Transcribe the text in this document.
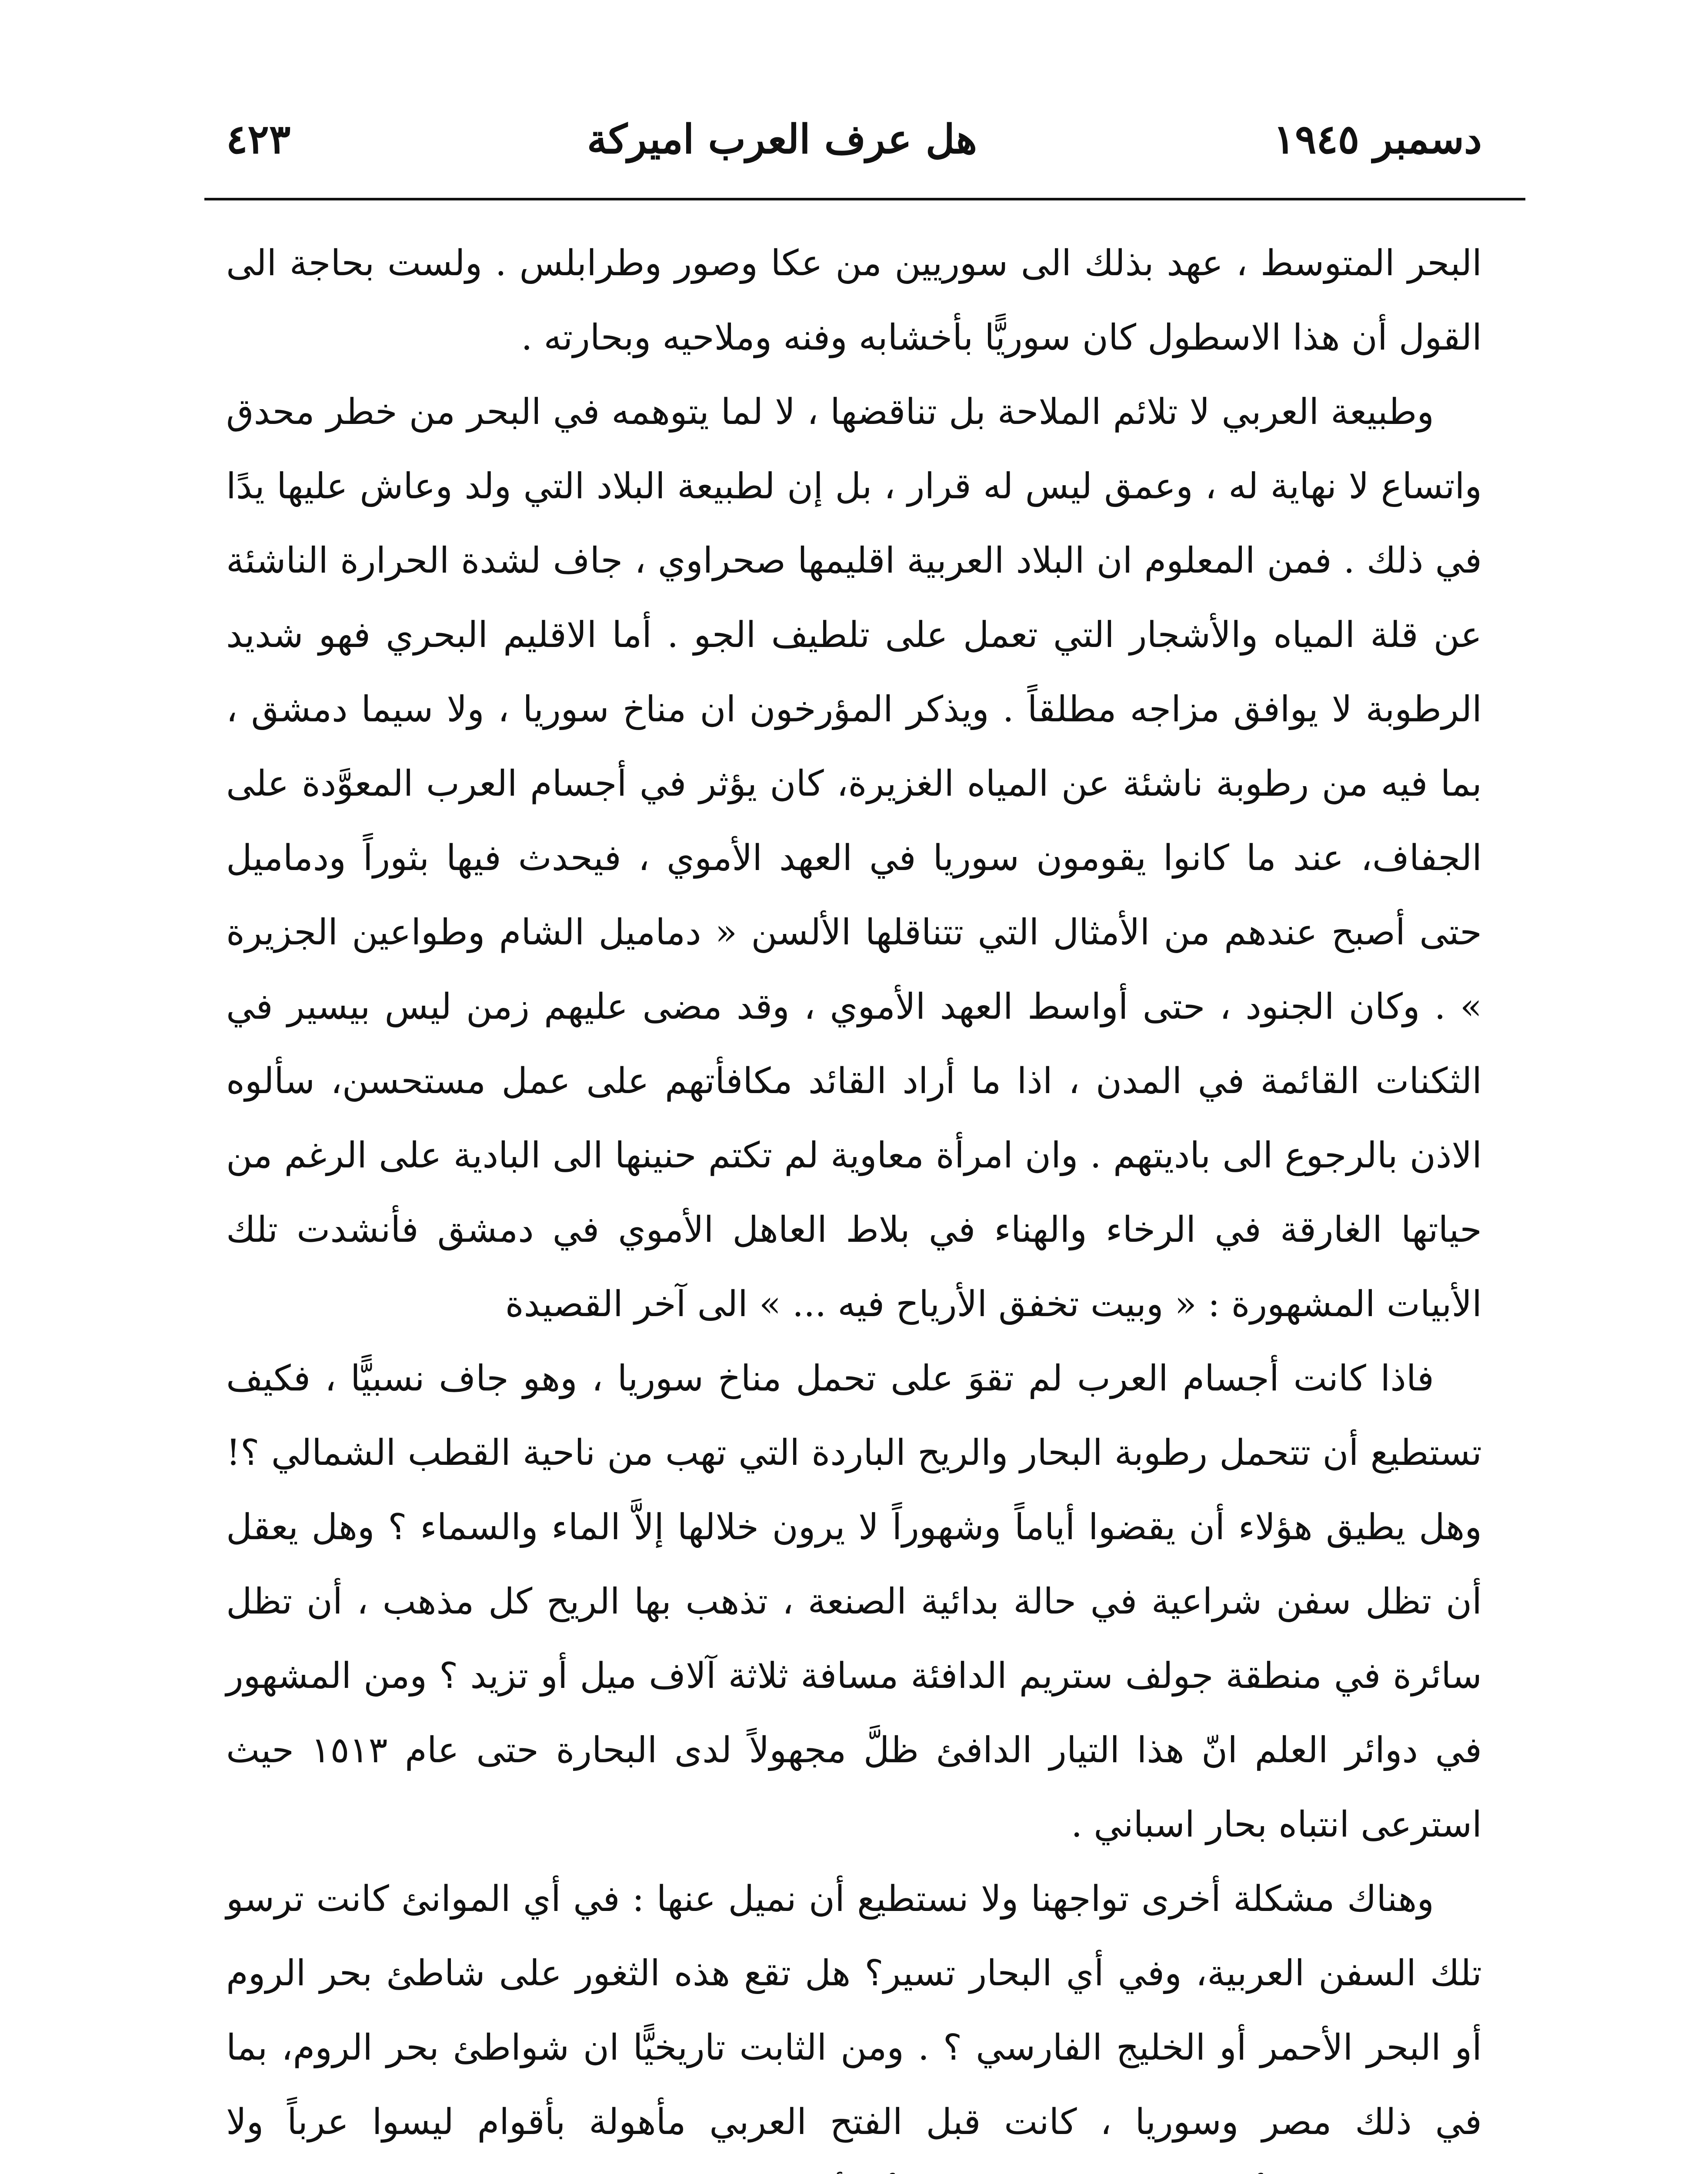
دسمبر ١٩٤٥
هل عرف العرب اميركة
٤٢٣

البحر المتوسط ، عهد بذلك الى سوريين من عكا وصور وطرابلس . ولست بحاجة الى القول أن هذا الاسطول كان سوريًّا بأخشابه وفنه وملاحيه وبحارته .

وطبيعة العربي لا تلائم الملاحة بل تناقضها ، لا لما يتوهمه في البحر من خطر محدق واتساع لا نهاية له ، وعمق ليس له قرار ، بل إن لطبيعة البلاد التي ولد وعاش عليها يدًا في ذلك . فمن المعلوم ان البلاد العربية اقليمها صحراوي ، جاف لشدة الحرارة الناشئة عن قلة المياه والأشجار التي تعمل على تلطيف الجو . أما الاقليم البحري فهو شديد الرطوبة لا يوافق مزاجه مطلقاً . ويذكر المؤرخون ان مناخ سوريا ، ولا سيما دمشق ، بما فيه من رطوبة ناشئة عن المياه الغزيرة، كان يؤثر في أجسام العرب المعوَّدة على الجفاف، عند ما كانوا يقومون سوريا في العهد الأموي ، فيحدث فيها بثوراً ودماميل حتى أصبح عندهم من الأمثال التي تتناقلها الألسن « دماميل الشام وطواعين الجزيرة » . وكان الجنود ، حتى أواسط العهد الأموي ، وقد مضى عليهم زمن ليس بيسير في الثكنات القائمة في المدن ، اذا ما أراد القائد مكافأتهم على عمل مستحسن، سألوه الاذن بالرجوع الى باديتهم . وان امرأة معاوية لم تكتم حنينها الى البادية على الرغم من حياتها الغارقة في الرخاء والهناء في بلاط العاهل الأموي في دمشق فأنشدت تلك الأبيات المشهورة : « وبيت تخفق الأرياح فيه ... » الى آخر القصيدة

فاذا كانت أجسام العرب لم تقوَ على تحمل مناخ سوريا ، وهو جاف نسبيًّا ، فكيف تستطيع أن تتحمل رطوبة البحار والريح الباردة التي تهب من ناحية القطب الشمالي ؟! وهل يطيق هؤلاء أن يقضوا أياماً وشهوراً لا يرون خلالها إلاَّ الماء والسماء ؟ وهل يعقل أن تظل سفن شراعية في حالة بدائية الصنعة ، تذهب بها الريح كل مذهب ، أن تظل سائرة في منطقة جولف ستريم الدافئة مسافة ثلاثة آلاف ميل أو تزيد ؟ ومن المشهور في دوائر العلم انّ هذا التيار الدافئ ظلَّ مجهولاً لدى البحارة حتى عام ١٥١٣ حيث استرعى انتباه بحار اسباني .

وهناك مشكلة أخرى تواجهنا ولا نستطيع أن نميل عنها : في أي الموانئ كانت ترسو تلك السفن العربية، وفي أي البحار تسير؟ هل تقع هذه الثغور على شاطئ بحر الروم أو البحر الأحمر أو الخليج الفارسي ؟ . ومن الثابت تاريخيًّا ان شواطئ بحر الروم، بما في ذلك مصر وسوريا ، كانت قبل الفتح العربي مأهولة بأقوام ليسوا عرباً ولا
